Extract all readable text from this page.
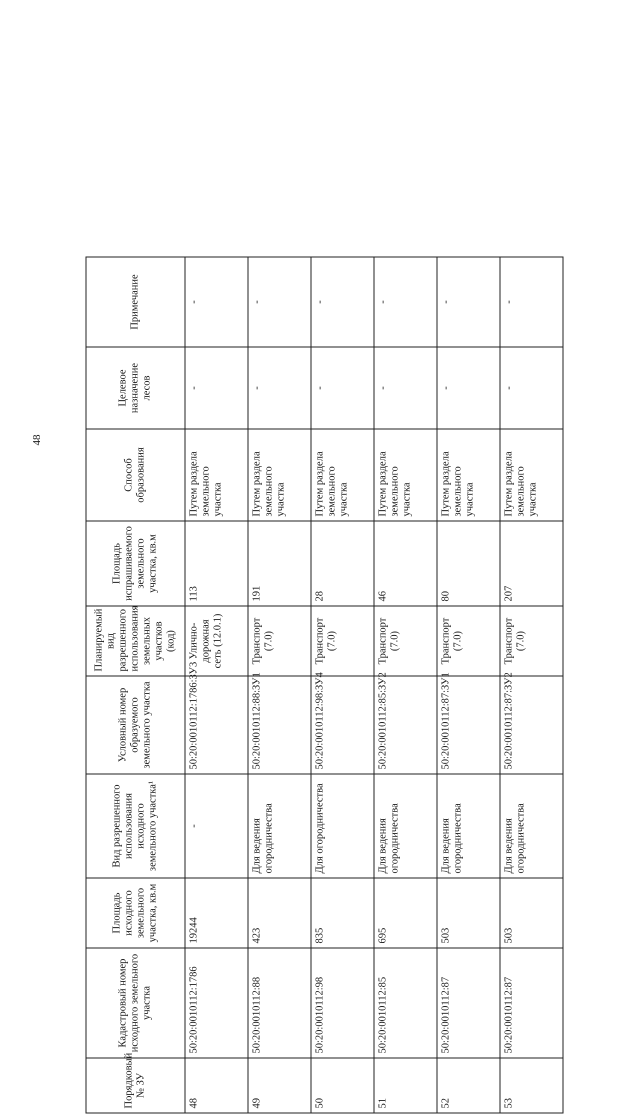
48
Порядковый № ЗУ	Кадастровый номер исходного земельного участка	Площадь исходного земельного участка, кв.м	Вид разрешенного использования исходного земельного участка¹	Условный номер образуемого земельного участка	Планируемый вид разрешенного использования земельных участков (код)	Площадь испрашиваемого земельного участка, кв.м	Способ образования	Целевое назначение лесов	Примечание
48	50:20:0010112:1786	19244	-	50:20:0010112:1786:ЗУ3	Улично-дорожная сеть (12.0.1)	113	Путем раздела земельного участка	-	-
49	50:20:0010112:88	423	Для ведения огородничества	50:20:0010112:88:ЗУ1	Транспорт (7.0)	191	Путем раздела земельного участка	-	-
50	50:20:0010112:98	835	Для огородничества	50:20:0010112:98:ЗУ4	Транспорт (7.0)	28	Путем раздела земельного участка	-	-
51	50:20:0010112:85	695	Для ведения огородничества	50:20:0010112:85:ЗУ2	Транспорт (7.0)	46	Путем раздела земельного участка	-	-
52	50:20:0010112:87	503	Для ведения огородничества	50:20:0010112:87:ЗУ1	Транспорт (7.0)	80	Путем раздела земельного участка	-	-
53	50:20:0010112:87	503	Для ведения огородничества	50:20:0010112:87:ЗУ2	Транспорт (7.0)	207	Путем раздела земельного участка	-	-
